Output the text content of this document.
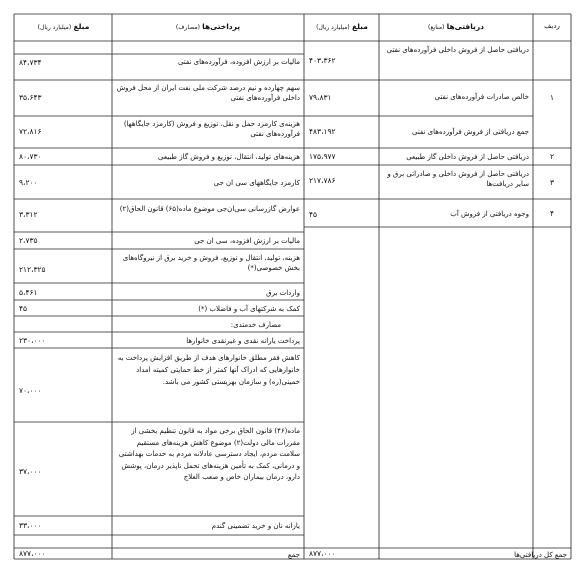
ردیف
دریافتی‌ها (منابع)
مبلغ (میلیارد ریال)
پرداختی‌ها (مصارف)
مبلغ (میلیارد ریال)
۱
۲
۳
۴
دریافتی حاصل از فروش داخلی فرآورده‌های نفتی
۴۰۳،۳۶۲
خالص صادرات فرآورده‌های نفتی
۷۹،۸۳۱
جمع دریافتی از فروش فرآورده‌های نفتی
۴۸۳،۱۹۲
دریافتی حاصل از فروش داخلی گاز طبیعی
۱۷۵،۹۷۷
دریافتی حاصل از فروش داخلی و صادراتی برق و سایر دریافت‌ها
۲۱۷،۷۸۶
وجوه دریافتی از فروش آب
۴۵
جمع کل دریافتی‌ها
۸۷۷،۰۰۰
مالیات بر ارزش افزوده، فرآورده‌های نفتی
۸۴،۷۳۴
سهم چهارده و نیم درصد شرکت ملی نفت ایران از محل فروش داخلی فرآورده‌های نفتی
۳۵،۶۴۳
هزینه‌ی کارمزد حمل و نقل، توزیع و فروش (کارمزد جایگاهها) فرآورده‌های نفتی
۷۲،۸۱۶
هزینه‌های تولید، انتقال، توزیع و فروش گاز طبیعی
۸۰،۷۳۰
کارمزد جایگاههای سی ان جی
۹،۲۰۰
عوارض گازرسانی سی‌ان‌جی موضوع ماده(۶۵) قانون الحاق(۲)
۳،۳۱۲
مالیات بر ارزش افزوده، سی ان جی
۲،۷۳۵
هزینه، تولید، انتقال و توزیع، فروش و خرید برق از نیروگاه‌های بخش خصوصی(*)
۲۱۲،۳۲۵
واردات برق
۵،۴۶۱
کمک به شرکتهای آب و فاضلاب (*)
۴۵
مصارف خدمتدی:
پرداخت یارانه نقدی و غیرنقدی خانوارها
۲۳۰،۰۰۰
کاهش فقر مطلق خانوارهای هدف از طریق افزایش پرداخت به خانوارهایی که ادراک آنها کمتر از خط حمایتی کمیته امداد خمینی(ره) و سازمان بهزیستی کشور می باشد.
۷۰،۰۰۰
ماده(۴۶) قانون الحاق برخی مواد به قانون تنظیم بخشی از مقررات مالی دولت(۲) موضوع کاهش هزینه‌های مستقیم سلامت مردم، ایجاد دسترسی عادلانه مردم به خدمات بهداشتی و درمانی، کمک به تأمین هزینه‌های تحمل ناپذیر درمان، پوشش دارو، درمان بیماران خاص و صعب العلاج
۳۷،۰۰۰
یارانه نان و خرید تضمینی گندم
۳۳،۰۰۰
جمع
۸۷۷،۰۰۰
